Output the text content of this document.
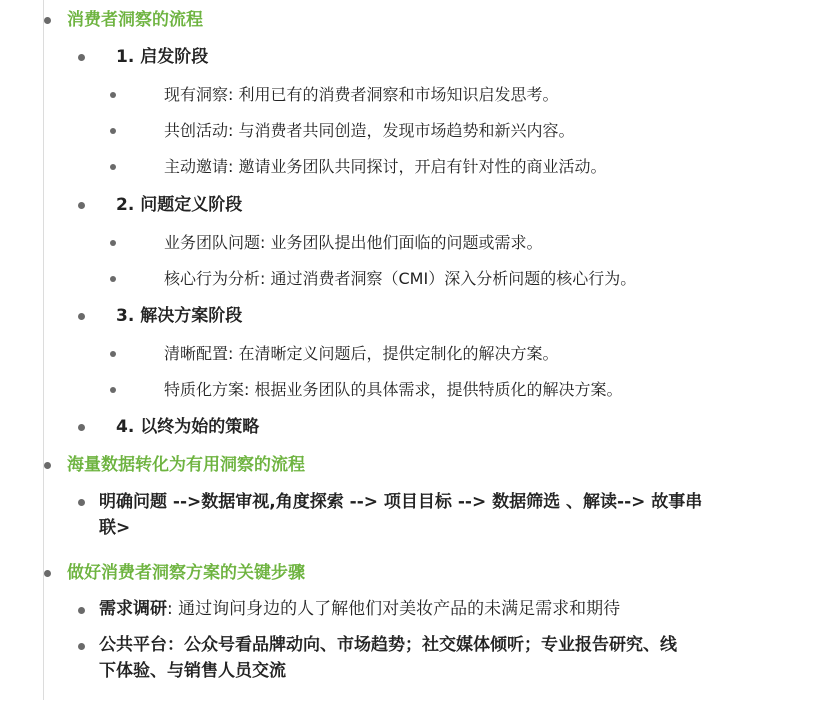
消费者洞察的流程
1. 启发阶段
现有洞察: 利用已有的消费者洞察和市场知识启发思考。
共创活动: 与消费者共同创造，发现市场趋势和新兴内容。
主动邀请: 邀请业务团队共同探讨，开启有针对性的商业活动。
2. 问题定义阶段
业务团队问题: 业务团队提出他们面临的问题或需求。
核心行为分析: 通过消费者洞察（CMI）深入分析问题的核心行为。
3. 解决方案阶段
清晰配置: 在清晰定义问题后，提供定制化的解决方案。
特质化方案: 根据业务团队的具体需求，提供特质化的解决方案。
4. 以终为始的策略
海量数据转化为有用洞察的流程
明确问题 -->数据审视,角度探索 --> 项目目标 --> 数据筛选 、解读--> 故事串
联>
做好消费者洞察方案的关键步骤
需求调研: 通过询问身边的人了解他们对美妆产品的未满足需求和期待
公共平台：公众号看品牌动向、市场趋势；社交媒体倾听；专业报告研究、线
下体验、与销售人员交流
